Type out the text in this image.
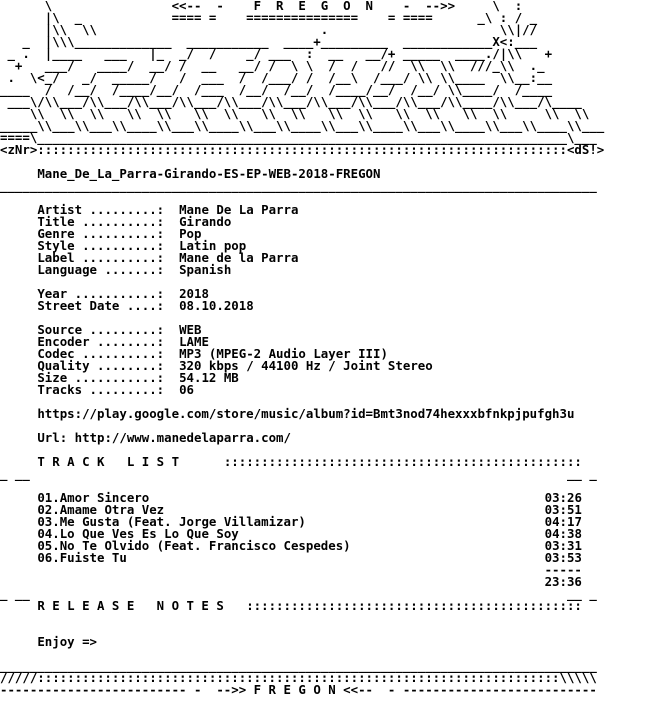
\                <<--  -    F  R  E  G  O  N    -  -->>     \  :
|\  _            ==== =    ===============    = ====      _\ : / _
|\\  \\                              .                       \\|//
_  |\\\_____________  ___________  ____+_________  ____________X<:___
_ .  |____   ___   |_  _/  /    _/ ___  :  __   __/+ _____  ____./|\\   +
+   ___/   ____/  __/ /  __   __/ /  \ \  /  /   //  \\  \\  ///_\\  ._
.  \<_/   _/  _____/   /  ___  /  /___/ /  /__\  /___/ \\ \\____  \\__:__
____  /  /__/  /____/__/  /___  /__/  /__/  /____/__/  /__/ \\____/  /____
___\/\\___/\\___/\\___/\\___/\\___/\\___/\\___/\\___/\\___/\\____/\\___/\____
\\  \\  \\   \\  \\   \\  \\   \\  \\   \\  \\   \\  \\   \\  \\     \\  \\
_____\\___\\___\\____\\___\\____\\___\\____\\___\\____\\___\\____\\___\\____\\___
====\_______________________________________________________________________\___
<zNr>:::::::::::::::::::::::::::::::::::::::::::::::::::::::::::::::::::::::<dS!>

Mane_De_La_Parra-Girando-ES-EP-WEB-2018-FREGON
________________________________________________________________________________

Artist .........:  Mane De La Parra
Title ..........:  Girando
Genre ..........:  Pop
Style ..........:  Latin pop
Label ..........:  Mane de la Parra
Language .......:  Spanish

Year ...........:  2018
Street Date ....:  08.10.2018

Source .........:  WEB
Encoder ........:  LAME
Codec ..........:  MP3 (MPEG-2 Audio Layer III)
Quality ........:  320 kbps / 44100 Hz / Joint Stereo
Size ...........:  54.12 MB
Tracks .........:  06

https://play.google.com/store/music/album?id=Bmt3nod74hexxxbfnkpjpufgh3u

Url: http://www.manedelaparra.com/

T R A C K   L I S T      ::::::::::::::::::::::::::::::::::::::::::::::::
_ __                                                                        __ _

01.Amor Sincero	03:26
02.Amame Otra Vez	03:51
03.Me Gusta (Feat. Jorge Villamizar)	04:17
04.Lo Que Ves Es Lo Que Soy	04:38
05.No Te Olvido (Feat. Francisco Cespedes)	03:31
06.Fuiste Tu	03:53
-----
23:36
_ __                                                                        __ _
R E L E A S E   N O T E S   :::::::::::::::::::::::::::::::::::::::::::::

Enjoy =>

________________________________________________________________________________
/////::::::::::::::::::::::::::::::::::::::::::::::::::::::::::::::::::::::\\\\\
------------------------- -  -->> F R E G O N <<--  - --------------------------
